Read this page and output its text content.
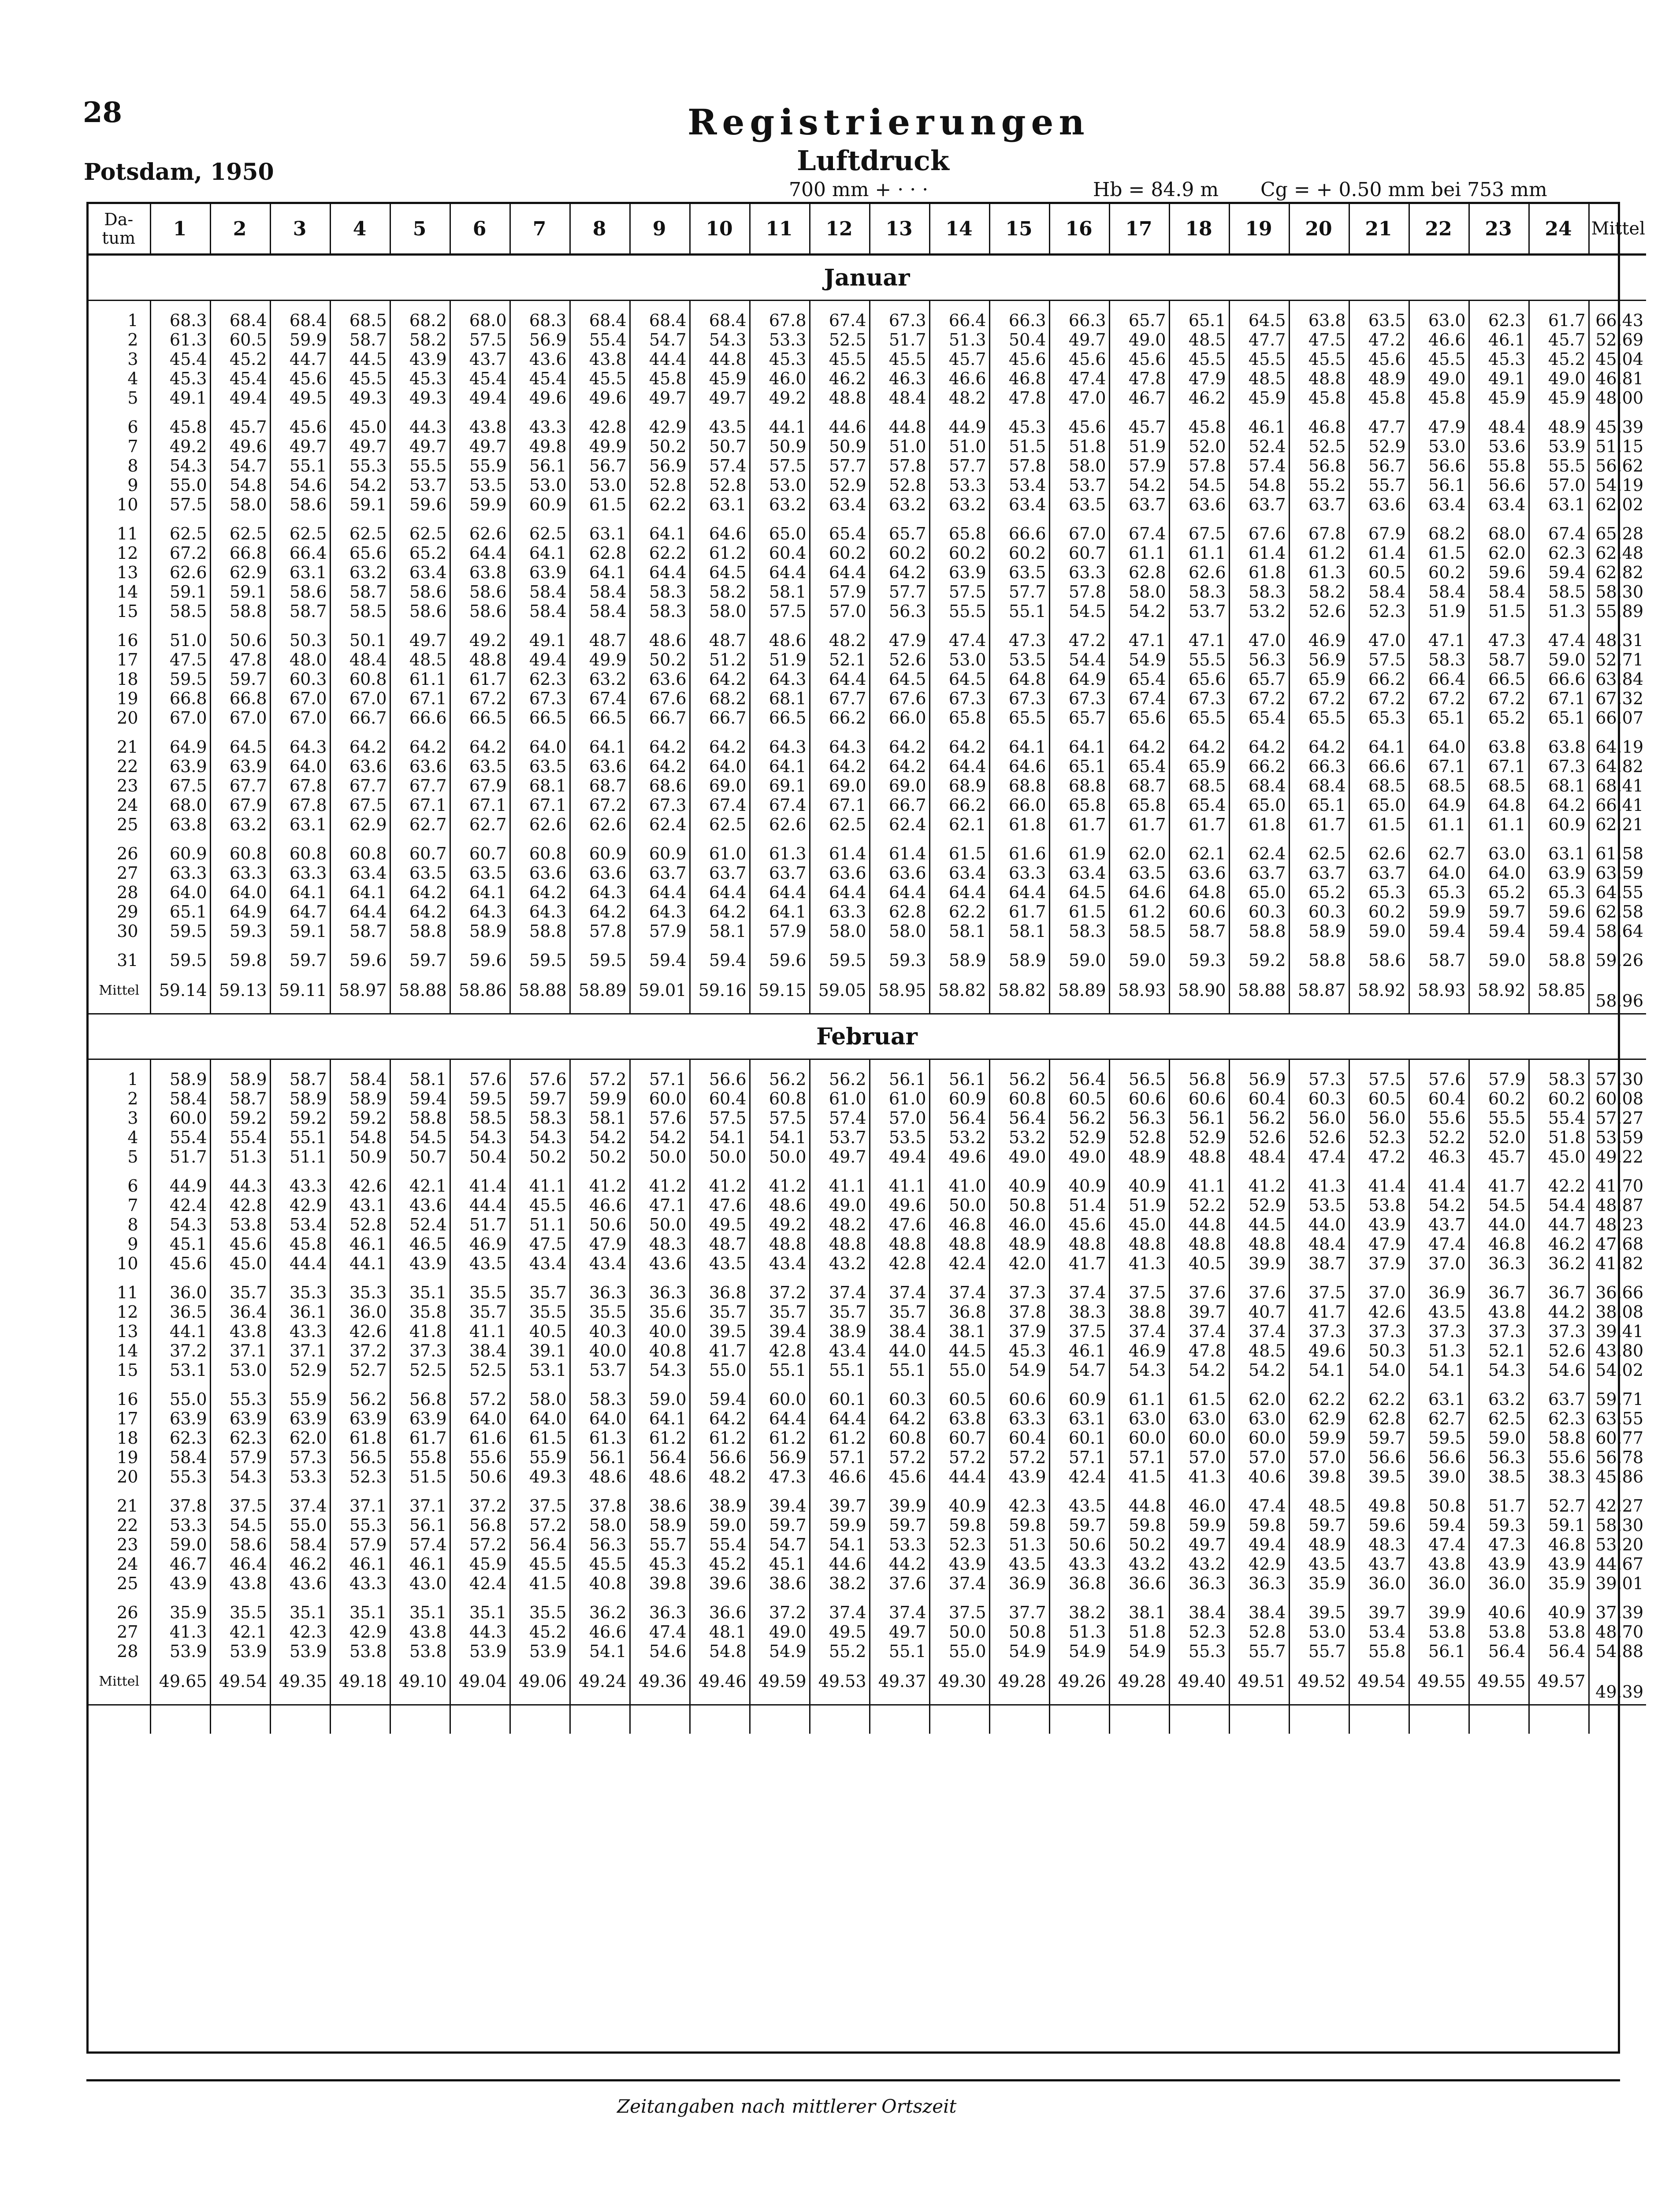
28
Potsdam, 1950
Registrierungen
Luftdruck
700 mm + · · ·	Hb = 84.9 m Cg = + 0.50 mm bei 753 mm
Da-tum	1	2	3	4	5	6	7	8	9	10	11	12	13	14	15	16	17	18	19	20	21	22	23	24	Mittel
Januar																									

1	68.3	68.4	68.4	68.5	68.2	68.0	68.3	68.4	68.4	68.4	67.8	67.4	67.3	66.4	66.3	66.3	65.7	65.1	64.5	63.8	63.5	63.0	62.3	61.7	66.43
2	61.3	60.5	59.9	58.7	58.2	57.5	56.9	55.4	54.7	54.3	53.3	52.5	51.7	51.3	50.4	49.7	49.0	48.5	47.7	47.5	47.2	46.6	46.1	45.7	52.69
3	45.4	45.2	44.7	44.5	43.9	43.7	43.6	43.8	44.4	44.8	45.3	45.5	45.5	45.7	45.6	45.6	45.6	45.5	45.5	45.5	45.6	45.5	45.3	45.2	45.04
4	45.3	45.4	45.6	45.5	45.3	45.4	45.4	45.5	45.8	45.9	46.0	46.2	46.3	46.6	46.8	47.4	47.8	47.9	48.5	48.8	48.9	49.0	49.1	49.0	46.81
5	49.1	49.4	49.5	49.3	49.3	49.4	49.6	49.6	49.7	49.7	49.2	48.8	48.4	48.2	47.8	47.0	46.7	46.2	45.9	45.8	45.8	45.8	45.9	45.9	48.00

6	45.8	45.7	45.6	45.0	44.3	43.8	43.3	42.8	42.9	43.5	44.1	44.6	44.8	44.9	45.3	45.6	45.7	45.8	46.1	46.8	47.7	47.9	48.4	48.9	45.39
7	49.2	49.6	49.7	49.7	49.7	49.7	49.8	49.9	50.2	50.7	50.9	50.9	51.0	51.0	51.5	51.8	51.9	52.0	52.4	52.5	52.9	53.0	53.6	53.9	51.15
8	54.3	54.7	55.1	55.3	55.5	55.9	56.1	56.7	56.9	57.4	57.5	57.7	57.8	57.7	57.8	58.0	57.9	57.8	57.4	56.8	56.7	56.6	55.8	55.5	56.62
9	55.0	54.8	54.6	54.2	53.7	53.5	53.0	53.0	52.8	52.8	53.0	52.9	52.8	53.3	53.4	53.7	54.2	54.5	54.8	55.2	55.7	56.1	56.6	57.0	54.19
10	57.5	58.0	58.6	59.1	59.6	59.9	60.9	61.5	62.2	63.1	63.2	63.4	63.2	63.2	63.4	63.5	63.7	63.6	63.7	63.7	63.6	63.4	63.4	63.1	62.02

11	62.5	62.5	62.5	62.5	62.5	62.6	62.5	63.1	64.1	64.6	65.0	65.4	65.7	65.8	66.6	67.0	67.4	67.5	67.6	67.8	67.9	68.2	68.0	67.4	65.28
12	67.2	66.8	66.4	65.6	65.2	64.4	64.1	62.8	62.2	61.2	60.4	60.2	60.2	60.2	60.2	60.7	61.1	61.1	61.4	61.2	61.4	61.5	62.0	62.3	62.48
13	62.6	62.9	63.1	63.2	63.4	63.8	63.9	64.1	64.4	64.5	64.4	64.4	64.2	63.9	63.5	63.3	62.8	62.6	61.8	61.3	60.5	60.2	59.6	59.4	62.82
14	59.1	59.1	58.6	58.7	58.6	58.6	58.4	58.4	58.3	58.2	58.1	57.9	57.7	57.5	57.7	57.8	58.0	58.3	58.3	58.2	58.4	58.4	58.4	58.5	58.30
15	58.5	58.8	58.7	58.5	58.6	58.6	58.4	58.4	58.3	58.0	57.5	57.0	56.3	55.5	55.1	54.5	54.2	53.7	53.2	52.6	52.3	51.9	51.5	51.3	55.89

16	51.0	50.6	50.3	50.1	49.7	49.2	49.1	48.7	48.6	48.7	48.6	48.2	47.9	47.4	47.3	47.2	47.1	47.1	47.0	46.9	47.0	47.1	47.3	47.4	48.31
17	47.5	47.8	48.0	48.4	48.5	48.8	49.4	49.9	50.2	51.2	51.9	52.1	52.6	53.0	53.5	54.4	54.9	55.5	56.3	56.9	57.5	58.3	58.7	59.0	52.71
18	59.5	59.7	60.3	60.8	61.1	61.7	62.3	63.2	63.6	64.2	64.3	64.4	64.5	64.5	64.8	64.9	65.4	65.6	65.7	65.9	66.2	66.4	66.5	66.6	63.84
19	66.8	66.8	67.0	67.0	67.1	67.2	67.3	67.4	67.6	68.2	68.1	67.7	67.6	67.3	67.3	67.3	67.4	67.3	67.2	67.2	67.2	67.2	67.2	67.1	67.32
20	67.0	67.0	67.0	66.7	66.6	66.5	66.5	66.5	66.7	66.7	66.5	66.2	66.0	65.8	65.5	65.7	65.6	65.5	65.4	65.5	65.3	65.1	65.2	65.1	66.07

21	64.9	64.5	64.3	64.2	64.2	64.2	64.0	64.1	64.2	64.2	64.3	64.3	64.2	64.2	64.1	64.1	64.2	64.2	64.2	64.2	64.1	64.0	63.8	63.8	64.19
22	63.9	63.9	64.0	63.6	63.6	63.5	63.5	63.6	64.2	64.0	64.1	64.2	64.2	64.4	64.6	65.1	65.4	65.9	66.2	66.3	66.6	67.1	67.1	67.3	64.82
23	67.5	67.7	67.8	67.7	67.7	67.9	68.1	68.7	68.6	69.0	69.1	69.0	69.0	68.9	68.8	68.8	68.7	68.5	68.4	68.4	68.5	68.5	68.5	68.1	68.41
24	68.0	67.9	67.8	67.5	67.1	67.1	67.1	67.2	67.3	67.4	67.4	67.1	66.7	66.2	66.0	65.8	65.8	65.4	65.0	65.1	65.0	64.9	64.8	64.2	66.41
25	63.8	63.2	63.1	62.9	62.7	62.7	62.6	62.6	62.4	62.5	62.6	62.5	62.4	62.1	61.8	61.7	61.7	61.7	61.8	61.7	61.5	61.1	61.1	60.9	62.21

26	60.9	60.8	60.8	60.8	60.7	60.7	60.8	60.9	60.9	61.0	61.3	61.4	61.4	61.5	61.6	61.9	62.0	62.1	62.4	62.5	62.6	62.7	63.0	63.1	61.58
27	63.3	63.3	63.3	63.4	63.5	63.5	63.6	63.6	63.7	63.7	63.7	63.6	63.6	63.4	63.3	63.4	63.5	63.6	63.7	63.7	63.7	64.0	64.0	63.9	63.59
28	64.0	64.0	64.1	64.1	64.2	64.1	64.2	64.3	64.4	64.4	64.4	64.4	64.4	64.4	64.4	64.5	64.6	64.8	65.0	65.2	65.3	65.3	65.2	65.3	64.55
29	65.1	64.9	64.7	64.4	64.2	64.3	64.3	64.2	64.3	64.2	64.1	63.3	62.8	62.2	61.7	61.5	61.2	60.6	60.3	60.3	60.2	59.9	59.7	59.6	62.58
30	59.5	59.3	59.1	58.7	58.8	58.9	58.8	57.8	57.9	58.1	57.9	58.0	58.0	58.1	58.1	58.3	58.5	58.7	58.8	58.9	59.0	59.4	59.4	59.4	58.64

31	59.5	59.8	59.7	59.6	59.7	59.6	59.5	59.5	59.4	59.4	59.6	59.5	59.3	58.9	58.9	59.0	59.0	59.3	59.2	58.8	58.6	58.7	59.0	58.8	59.26
Mittel	59.14	59.13	59.11	58.97	58.88	58.86	58.88	58.89	59.01	59.16	59.15	59.05	58.95	58.82	58.82	58.89	58.93	58.90	58.88	58.87	58.92	58.93	58.92	58.85	58.96

Februar																									

1	58.9	58.9	58.7	58.4	58.1	57.6	57.6	57.2	57.1	56.6	56.2	56.2	56.1	56.1	56.2	56.4	56.5	56.8	56.9	57.3	57.5	57.6	57.9	58.3	57.30
2	58.4	58.7	58.9	58.9	59.4	59.5	59.7	59.9	60.0	60.4	60.8	61.0	61.0	60.9	60.8	60.5	60.6	60.6	60.4	60.3	60.5	60.4	60.2	60.2	60.08
3	60.0	59.2	59.2	59.2	58.8	58.5	58.3	58.1	57.6	57.5	57.5	57.4	57.0	56.4	56.4	56.2	56.3	56.1	56.2	56.0	56.0	55.6	55.5	55.4	57.27
4	55.4	55.4	55.1	54.8	54.5	54.3	54.3	54.2	54.2	54.1	54.1	53.7	53.5	53.2	53.2	52.9	52.8	52.9	52.6	52.6	52.3	52.2	52.0	51.8	53.59
5	51.7	51.3	51.1	50.9	50.7	50.4	50.2	50.2	50.0	50.0	50.0	49.7	49.4	49.6	49.0	49.0	48.9	48.8	48.4	47.4	47.2	46.3	45.7	45.0	49.22

6	44.9	44.3	43.3	42.6	42.1	41.4	41.1	41.2	41.2	41.2	41.2	41.1	41.1	41.0	40.9	40.9	40.9	41.1	41.2	41.3	41.4	41.4	41.7	42.2	41.70
7	42.4	42.8	42.9	43.1	43.6	44.4	45.5	46.6	47.1	47.6	48.6	49.0	49.6	50.0	50.8	51.4	51.9	52.2	52.9	53.5	53.8	54.2	54.5	54.4	48.87
8	54.3	53.8	53.4	52.8	52.4	51.7	51.1	50.6	50.0	49.5	49.2	48.2	47.6	46.8	46.0	45.6	45.0	44.8	44.5	44.0	43.9	43.7	44.0	44.7	48.23
9	45.1	45.6	45.8	46.1	46.5	46.9	47.5	47.9	48.3	48.7	48.8	48.8	48.8	48.8	48.9	48.8	48.8	48.8	48.8	48.4	47.9	47.4	46.8	46.2	47.68
10	45.6	45.0	44.4	44.1	43.9	43.5	43.4	43.4	43.6	43.5	43.4	43.2	42.8	42.4	42.0	41.7	41.3	40.5	39.9	38.7	37.9	37.0	36.3	36.2	41.82

11	36.0	35.7	35.3	35.3	35.1	35.5	35.7	36.3	36.3	36.8	37.2	37.4	37.4	37.4	37.3	37.4	37.5	37.6	37.6	37.5	37.0	36.9	36.7	36.7	36.66
12	36.5	36.4	36.1	36.0	35.8	35.7	35.5	35.5	35.6	35.7	35.7	35.7	35.7	36.8	37.8	38.3	38.8	39.7	40.7	41.7	42.6	43.5	43.8	44.2	38.08
13	44.1	43.8	43.3	42.6	41.8	41.1	40.5	40.3	40.0	39.5	39.4	38.9	38.4	38.1	37.9	37.5	37.4	37.4	37.4	37.3	37.3	37.3	37.3	37.3	39.41
14	37.2	37.1	37.1	37.2	37.3	38.4	39.1	40.0	40.8	41.7	42.8	43.4	44.0	44.5	45.3	46.1	46.9	47.8	48.5	49.6	50.3	51.3	52.1	52.6	43.80
15	53.1	53.0	52.9	52.7	52.5	52.5	53.1	53.7	54.3	55.0	55.1	55.1	55.1	55.0	54.9	54.7	54.3	54.2	54.2	54.1	54.0	54.1	54.3	54.6	54.02

16	55.0	55.3	55.9	56.2	56.8	57.2	58.0	58.3	59.0	59.4	60.0	60.1	60.3	60.5	60.6	60.9	61.1	61.5	62.0	62.2	62.2	63.1	63.2	63.7	59.71
17	63.9	63.9	63.9	63.9	63.9	64.0	64.0	64.0	64.1	64.2	64.4	64.4	64.2	63.8	63.3	63.1	63.0	63.0	63.0	62.9	62.8	62.7	62.5	62.3	63.55
18	62.3	62.3	62.0	61.8	61.7	61.6	61.5	61.3	61.2	61.2	61.2	61.2	60.8	60.7	60.4	60.1	60.0	60.0	60.0	59.9	59.7	59.5	59.0	58.8	60.77
19	58.4	57.9	57.3	56.5	55.8	55.6	55.9	56.1	56.4	56.6	56.9	57.1	57.2	57.2	57.2	57.1	57.1	57.0	57.0	57.0	56.6	56.6	56.3	55.6	56.78
20	55.3	54.3	53.3	52.3	51.5	50.6	49.3	48.6	48.6	48.2	47.3	46.6	45.6	44.4	43.9	42.4	41.5	41.3	40.6	39.8	39.5	39.0	38.5	38.3	45.86

21	37.8	37.5	37.4	37.1	37.1	37.2	37.5	37.8	38.6	38.9	39.4	39.7	39.9	40.9	42.3	43.5	44.8	46.0	47.4	48.5	49.8	50.8	51.7	52.7	42.27
22	53.3	54.5	55.0	55.3	56.1	56.8	57.2	58.0	58.9	59.0	59.7	59.9	59.7	59.8	59.8	59.7	59.8	59.9	59.8	59.7	59.6	59.4	59.3	59.1	58.30
23	59.0	58.6	58.4	57.9	57.4	57.2	56.4	56.3	55.7	55.4	54.7	54.1	53.3	52.3	51.3	50.6	50.2	49.7	49.4	48.9	48.3	47.4	47.3	46.8	53.20
24	46.7	46.4	46.2	46.1	46.1	45.9	45.5	45.5	45.3	45.2	45.1	44.6	44.2	43.9	43.5	43.3	43.2	43.2	42.9	43.5	43.7	43.8	43.9	43.9	44.67
25	43.9	43.8	43.6	43.3	43.0	42.4	41.5	40.8	39.8	39.6	38.6	38.2	37.6	37.4	36.9	36.8	36.6	36.3	36.3	35.9	36.0	36.0	36.0	35.9	39.01

26	35.9	35.5	35.1	35.1	35.1	35.1	35.5	36.2	36.3	36.6	37.2	37.4	37.4	37.5	37.7	38.2	38.1	38.4	38.4	39.5	39.7	39.9	40.6	40.9	37.39
27	41.3	42.1	42.3	42.9	43.8	44.3	45.2	46.6	47.4	48.1	49.0	49.5	49.7	50.0	50.8	51.3	51.8	52.3	52.8	53.0	53.4	53.8	53.8	53.8	48.70
28	53.9	53.9	53.9	53.8	53.8	53.9	53.9	54.1	54.6	54.8	54.9	55.2	55.1	55.0	54.9	54.9	54.9	55.3	55.7	55.7	55.8	56.1	56.4	56.4	54.88
Mittel	49.65	49.54	49.35	49.18	49.10	49.04	49.06	49.24	49.36	49.46	49.59	49.53	49.37	49.30	49.28	49.26	49.28	49.40	49.51	49.52	49.54	49.55	49.55	49.57	49.39

Zeitangaben nach mittlerer Ortszeit
